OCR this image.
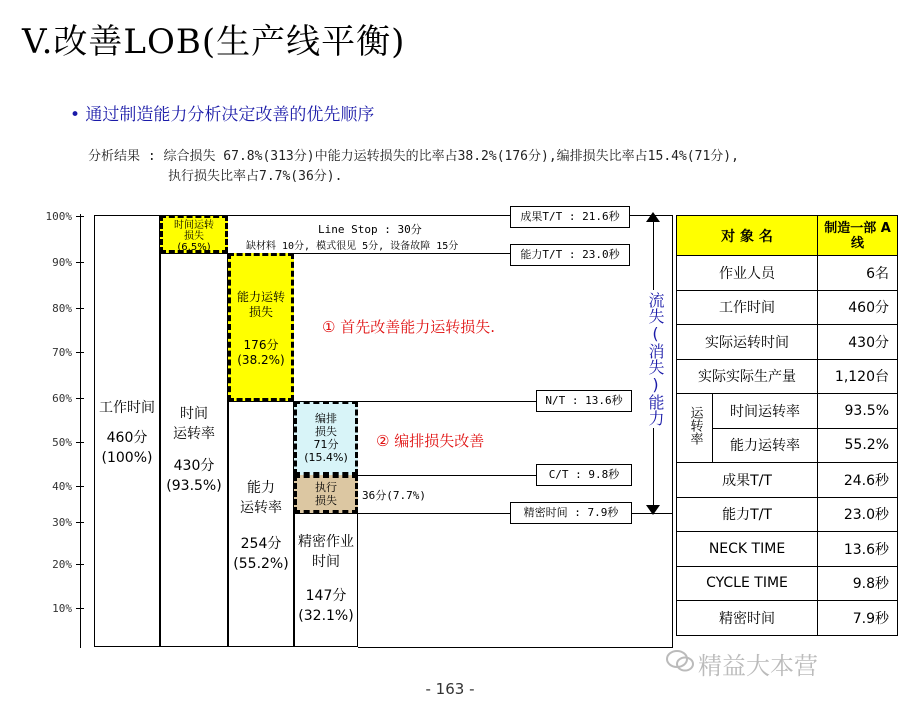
V.改善LOB(生产线平衡)
• 通过制造能力分析决定改善的优先顺序
分析结果 : 综合损失 67.8%(313分)中能力运转损失的比率占38.2%(176分),编排损失比率占15.4%(71分),
执行损失比率占7.7%(36分).
100%
90%
80%
70%
60%
50%
40%
30%
20%
10%
工作时间
460分
(100%)
时间运转
损失
(6.5%)
时间
运转率
430分
(93.5%)
能力运转
损失
176分
(38.2%)
能力
运转率
254分
(55.2%)
编排
损失
71分
(15.4%)
执行
损失
精密作业
时间
147分
(32.1%)
Line Stop : 30分
缺材料 10分, 模式很见 5分, 设备故障 15分
成果T/T : 21.6秒
能力T/T : 23.0秒
N/T : 13.6秒
C/T : 9.8秒
精密时间 : 7.9秒
36分(7.7%)
① 首先改善能力运转损失.
② 编排损失改善
流失(消失)能力
对 象 名		制造一部 A线
作业人员		6名
工作时间		460分
实际运转时间		430分
实际实际生产量		1,120台
运转率	时间运转率	93.5%
	能力运转率	55.2%
成果T/T		24.6秒
能力T/T		23.0秒
NECK TIME		13.6秒
CYCLE TIME		9.8秒
精密时间		7.9秒
精益大本营
- 163 -
